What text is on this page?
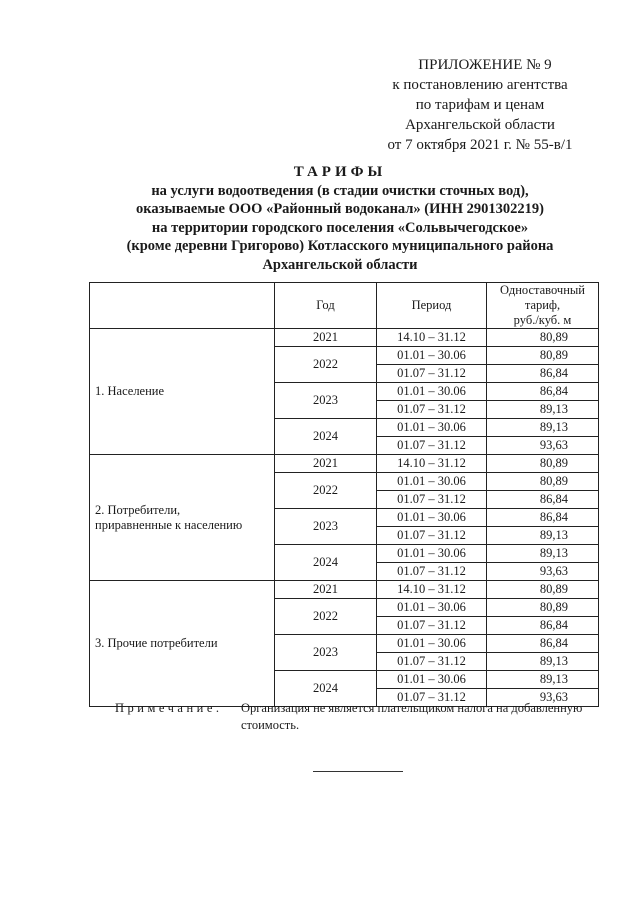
ПРИЛОЖЕНИЕ № 9
к постановлению агентства
по тарифам и ценам
Архангельской области
от 7 октября 2021 г. № 55-в/1
ТАРИФЫ
на услуги водоотведения (в стадии очистки сточных вод),
оказываемые ООО «Районный водоканал» (ИНН 2901302219)
на территории городского поселения «Сольвычегодское»
(кроме деревни Григорово) Котласского муниципального района
Архангельской области
	Год	Период	Одноставочный
тариф,
руб./куб. м

1. Население	2021	14.10 – 31.12	80,89
	2022	01.01 – 30.06	80,89
		01.07 – 31.12	86,84
	2023	01.01 – 30.06	86,84
		01.07 – 31.12	89,13
	2024	01.01 – 30.06	89,13
		01.07 – 31.12	93,63

2. Потребители,
приравненные к населению	2021	14.10 – 31.12	80,89
	2022	01.01 – 30.06	80,89
		01.07 – 31.12	86,84
	2023	01.01 – 30.06	86,84
		01.07 – 31.12	89,13
	2024	01.01 – 30.06	89,13
		01.07 – 31.12	93,63

3. Прочие потребители	2021	14.10 – 31.12	80,89
	2022	01.01 – 30.06	80,89
		01.07 – 31.12	86,84
	2023	01.01 – 30.06	86,84
		01.07 – 31.12	89,13
	2024	01.01 – 30.06	89,13
		01.07 – 31.12	93,63
Примечание. Организация не является плательщиком налога на добавленную стоимость.
